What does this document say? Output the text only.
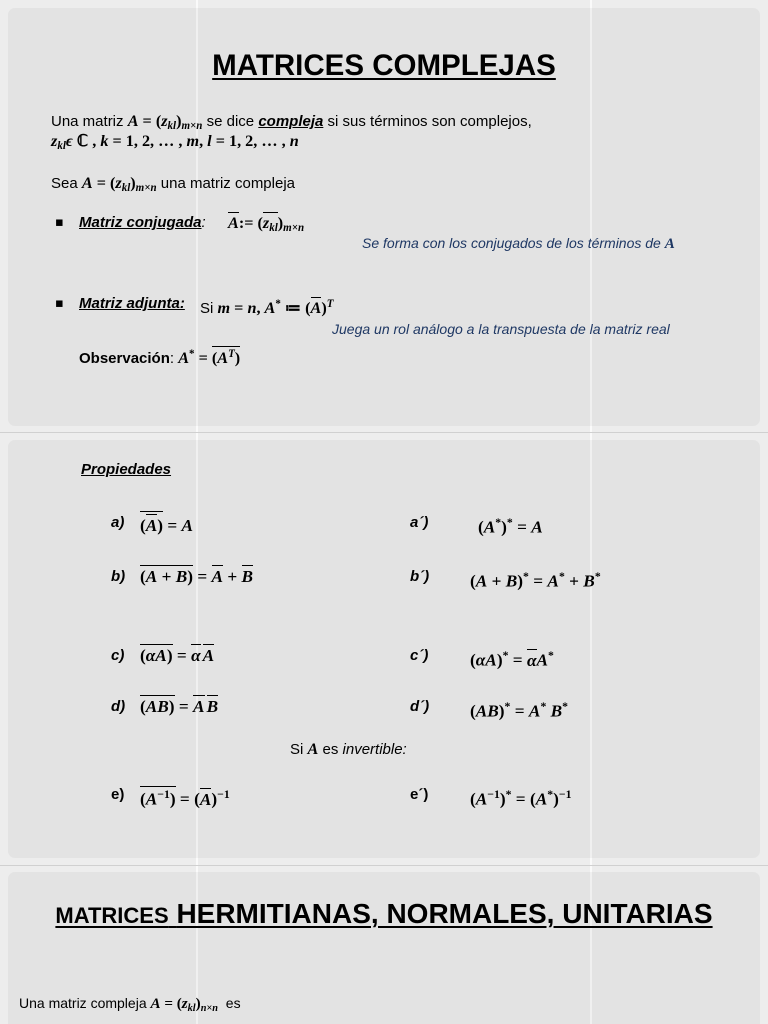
MATRICES COMPLEJAS
Una matriz $A = (z_{kl})_{m\times n}$ se dice compleja si sus términos son complejos,
$z_{kl}\epsilon$ ℂ , k = 1, 2, … , m, l = 1, 2, … , n
Sea $A = (z_{kl})_{m\times n}$ una matriz compleja
▪ Matriz conjugada: A:= $(z_{kl})_{m\times n}$
Se forma con los conjugados de los términos de A
▪ Matriz adjunta: Si m = n, A* ≔ $(A)^T$
Juega un rol análogo a la transpuesta de la matriz real
Observación: $A^* = (A^T)$
Propiedades
a) (A) = A	a´)	(A*)* = A
b) (A + B) = A + B	b´) (A + B)* = A* + B*
c) (αA) = α A	c´) (αA)* = αA*
d) (AB) = A B	d´) (AB)* = A* B*
Si A es invertible:
e) $(A^{-1}) = (A)^{-1}$	e´) $(A^{-1})^* = (A^*)^{-1}$
MATRICES HERMITIANAS, NORMALES, UNITARIAS
Una matriz compleja $A = (z_{kl})_{n\times n}$  es
